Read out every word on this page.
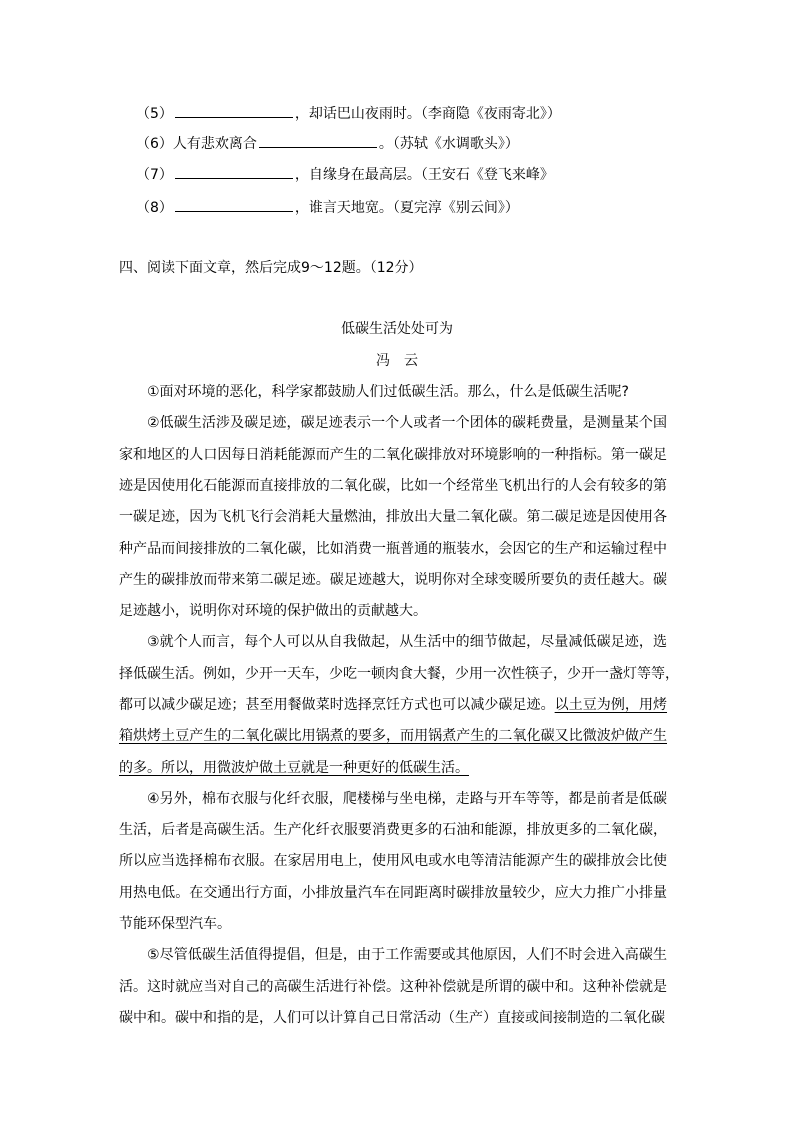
（5）	，却话巴山夜雨时。（李商隐《夜雨寄北》）
（6）人有悲欢离合	。（苏轼《水调歌头》）
（7）	，自缘身在最高层。（王安石《登飞来峰》
（8）	，谁言天地宽。（夏完淳《别云间》）
四、阅读下面文章，然后完成9～12题。（12分）
低碳生活处处可为
冯　云
①面对环境的恶化，科学家都鼓励人们过低碳生活。那么，什么是低碳生活呢?
②低碳生活涉及碳足迹，碳足迹表示一个人或者一个团体的碳耗费量，是测量某个国
家和地区的人口因每日消耗能源而产生的二氧化碳排放对环境影响的一种指标。第一碳足
迹是因使用化石能源而直接排放的二氧化碳，比如一个经常坐飞机出行的人会有较多的第
一碳足迹，因为飞机飞行会消耗大量燃油，排放出大量二氧化碳。第二碳足迹是因使用各
种产品而间接排放的二氧化碳，比如消费一瓶普通的瓶装水，会因它的生产和运输过程中
产生的碳排放而带来第二碳足迹。碳足迹越大，说明你对全球变暖所要负的责任越大。碳
足迹越小，说明你对环境的保护做出的贡献越大。
③就个人而言，每个人可以从自我做起，从生活中的细节做起，尽量减低碳足迹，选
择低碳生活。例如，少开一天车，少吃一顿肉食大餐，少用一次性筷子，少开一盏灯等等，
都可以减少碳足迹；甚至用餐做菜时选择烹饪方式也可以减少碳足迹。以土豆为例，用烤
箱烘烤土豆产生的二氧化碳比用锅煮的要多，而用锅煮产生的二氧化碳又比微波炉做产生
的多。所以，用微波炉做土豆就是一种更好的低碳生活。
④另外，棉布衣服与化纤衣服，爬楼梯与坐电梯，走路与开车等等，都是前者是低碳
生活，后者是高碳生活。生产化纤衣服要消费更多的石油和能源，排放更多的二氧化碳，
所以应当选择棉布衣服。在家居用电上，使用风电或水电等清洁能源产生的碳排放会比使
用热电低。在交通出行方面，小排放量汽车在同距离时碳排放量较少，应大力推广小排量
节能环保型汽车。
⑤尽管低碳生活值得提倡，但是，由于工作需要或其他原因，人们不时会进入高碳生
活。这时就应当对自己的高碳生活进行补偿。这种补偿就是所谓的碳中和。这种补偿就是
碳中和。碳中和指的是，人们可以计算自己日常活动（生产）直接或间接制造的二氧化碳
